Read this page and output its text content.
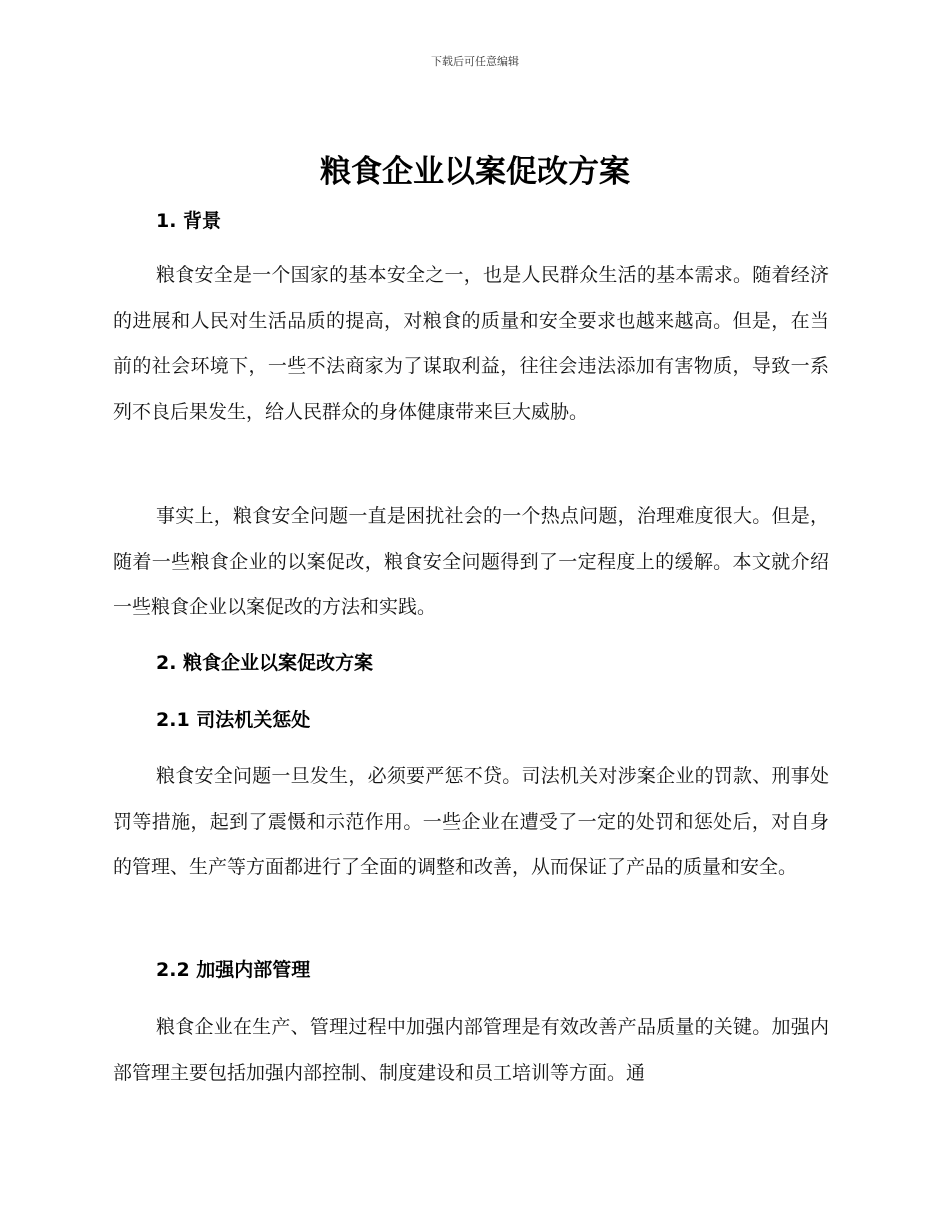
下载后可任意编辑
粮食企业以案促改方案
1. 背景

粮食安全是一个国家的基本安全之一，也是人民群众生活的基本需求。随着经济的进展和人民对生活品质的提高，对粮食的质量和安全要求也越来越高。但是，在当前的社会环境下，一些不法商家为了谋取利益，往往会违法添加有害物质，导致一系列不良后果发生，给人民群众的身体健康带来巨大威胁。

事实上，粮食安全问题一直是困扰社会的一个热点问题，治理难度很大。但是，随着一些粮食企业的以案促改，粮食安全问题得到了一定程度上的缓解。本文就介绍一些粮食企业以案促改的方法和实践。

2. 粮食企业以案促改方案
2.1 司法机关惩处

粮食安全问题一旦发生，必须要严惩不贷。司法机关对涉案企业的罚款、刑事处罚等措施，起到了震慑和示范作用。一些企业在遭受了一定的处罚和惩处后，对自身的管理、生产等方面都进行了全面的调整和改善，从而保证了产品的质量和安全。

2.2 加强内部管理

粮食企业在生产、管理过程中加强内部管理是有效改善产品质量的关键。加强内部管理主要包括加强内部控制、制度建设和员工培训等方面。通
